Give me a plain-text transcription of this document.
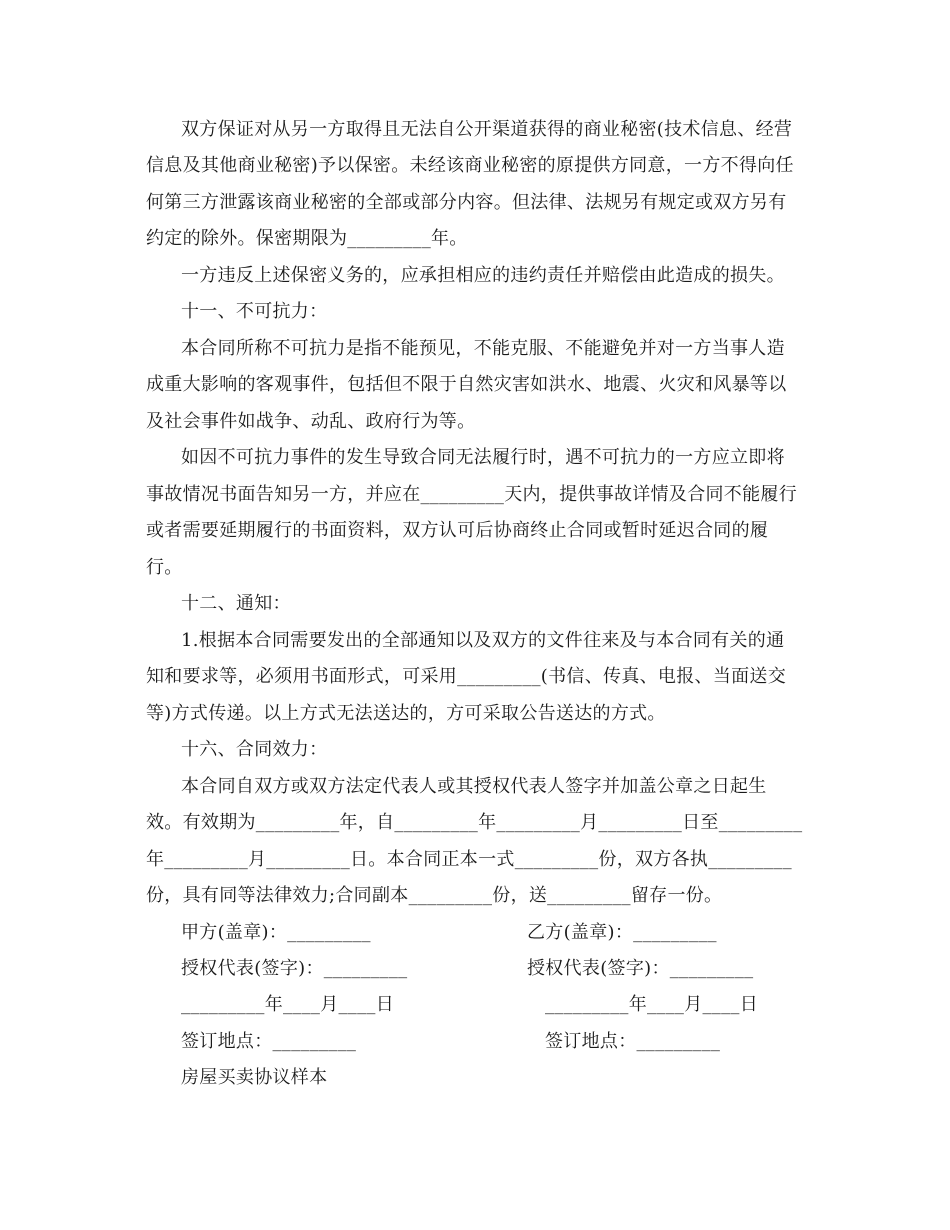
双方保证对从另一方取得且无法自公开渠道获得的商业秘密(技术信息、经营
信息及其他商业秘密)予以保密。未经该商业秘密的原提供方同意，一方不得向任
何第三方泄露该商业秘密的全部或部分内容。但法律、法规另有规定或双方另有
约定的除外。保密期限为_________年。
一方违反上述保密义务的，应承担相应的违约责任并赔偿由此造成的损失。
十一、不可抗力：
本合同所称不可抗力是指不能预见，不能克服、不能避免并对一方当事人造
成重大影响的客观事件，包括但不限于自然灾害如洪水、地震、火灾和风暴等以
及社会事件如战争、动乱、政府行为等。
如因不可抗力事件的发生导致合同无法履行时，遇不可抗力的一方应立即将
事故情况书面告知另一方，并应在_________天内，提供事故详情及合同不能履行
或者需要延期履行的书面资料，双方认可后协商终止合同或暂时延迟合同的履
行。
十二、通知：
1.根据本合同需要发出的全部通知以及双方的文件往来及与本合同有关的通
知和要求等，必须用书面形式，可采用_________(书信、传真、电报、当面送交
等)方式传递。以上方式无法送达的，方可采取公告送达的方式。
十六、合同效力：
本合同自双方或双方法定代表人或其授权代表人签字并加盖公章之日起生
效。有效期为_________年，自_________年_________月_________日至_________
年_________月_________日。本合同正本一式_________份，双方各执_________
份，具有同等法律效力;合同副本_________份，送_________留存一份。
甲方(盖章)：_________	乙方(盖章)：_________
授权代表(签字)：_________	授权代表(签字)：_________
_________年____月____日	_________年____月____日
签订地点：_________	签订地点：_________
房屋买卖协议样本
